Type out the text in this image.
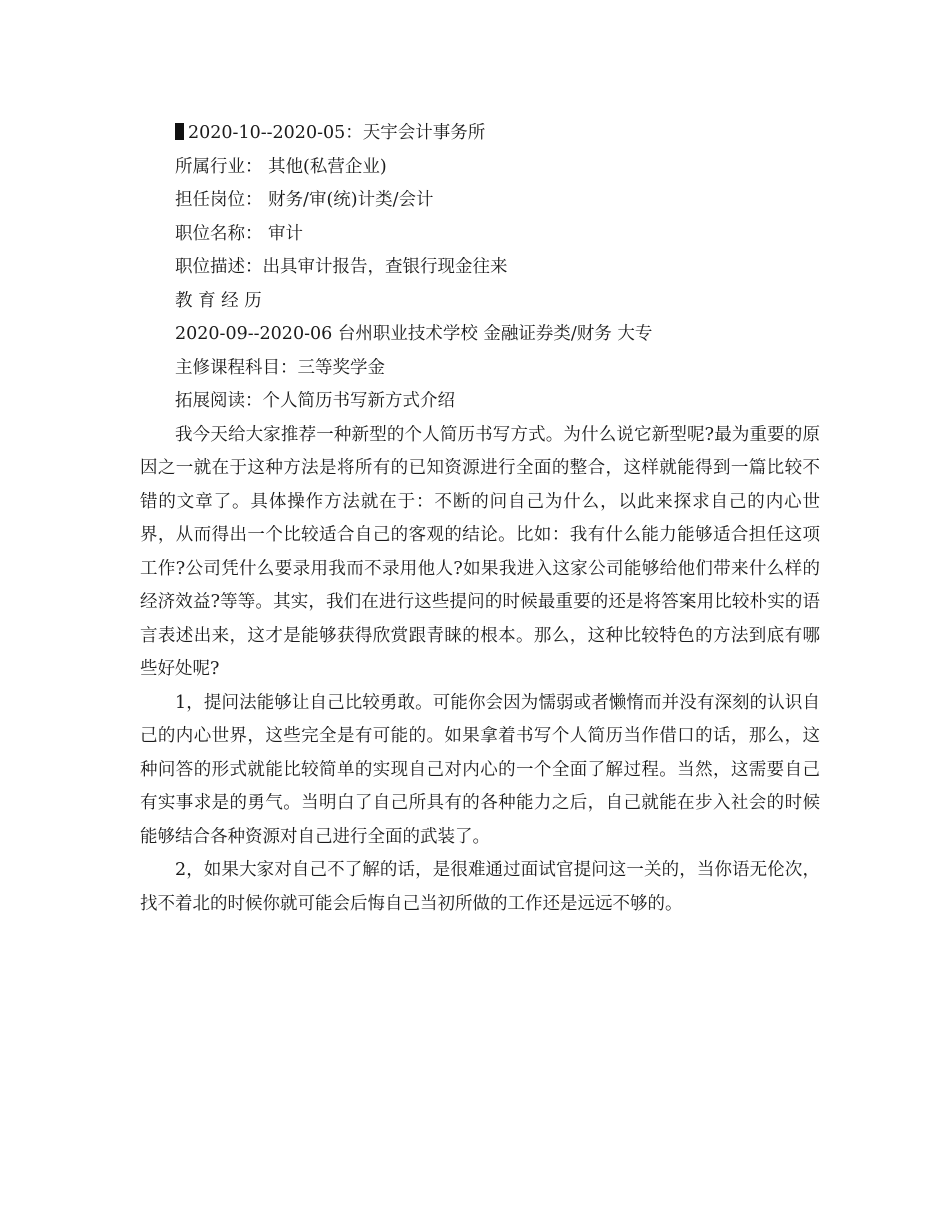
2020-10--2020-05：天宇会计事务所

所属行业： 其他(私营企业)

担任岗位： 财务/审(统)计类/会计

职位名称： 审计

职位描述：出具审计报告，查银行现金往来

教 育 经 历

2020-09--2020-06 台州职业技术学校 金融证券类/财务 大专

主修课程科目：三等奖学金

拓展阅读：个人简历书写新方式介绍

我今天给大家推荐一种新型的个人简历书写方式。为什么说它新型呢?最为重要的原因之一就在于这种方法是将所有的已知资源进行全面的整合，这样就能得到一篇比较不错的文章了。具体操作方法就在于：不断的问自己为什么，以此来探求自己的内心世界，从而得出一个比较适合自己的客观的结论。比如：我有什么能力能够适合担任这项工作?公司凭什么要录用我而不录用他人?如果我进入这家公司能够给他们带来什么样的经济效益?等等。其实，我们在进行这些提问的时候最重要的还是将答案用比较朴实的语言表述出来，这才是能够获得欣赏跟青睐的根本。那么，这种比较特色的方法到底有哪些好处呢?

1，提问法能够让自己比较勇敢。可能你会因为懦弱或者懒惰而并没有深刻的认识自己的内心世界，这些完全是有可能的。如果拿着书写个人简历当作借口的话，那么，这种问答的形式就能比较简单的实现自己对内心的一个全面了解过程。当然，这需要自己有实事求是的勇气。当明白了自己所具有的各种能力之后，自己就能在步入社会的时候能够结合各种资源对自己进行全面的武装了。

2，如果大家对自己不了解的话，是很难通过面试官提问这一关的，当你语无伦次，找不着北的时候你就可能会后悔自己当初所做的工作还是远远不够的。
